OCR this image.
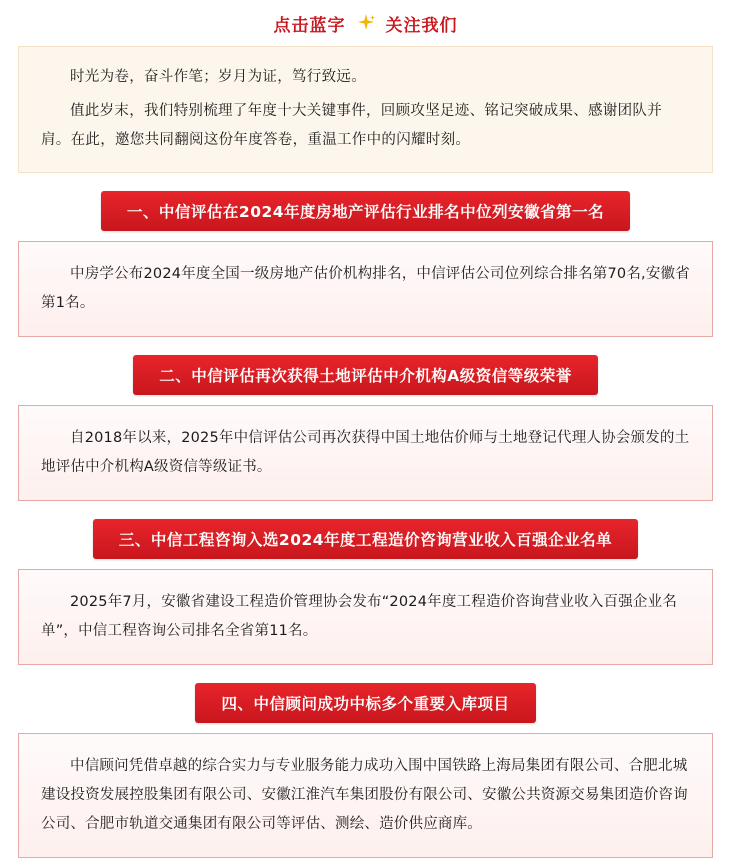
点击蓝字 关注我们

时光为卷，奋斗作笔；岁月为证，笃行致远。

值此岁末，我们特别梳理了年度十大关键事件，回顾攻坚足迹、铭记突破成果、感谢团队并肩。在此，邀您共同翻阅这份年度答卷，重温工作中的闪耀时刻。

一、中信评估在2024年度房地产评估行业排名中位列安徽省第一名

中房学公布2024年度全国一级房地产估价机构排名，中信评估公司位列综合排名第70名,安徽省第1名。

二、中信评估再次获得土地评估中介机构A级资信等级荣誉

自2018年以来，2025年中信评估公司再次获得中国土地估价师与土地登记代理人协会颁发的土地评估中介机构A级资信等级证书。

三、中信工程咨询入选2024年度工程造价咨询营业收入百强企业名单

2025年7月，安徽省建设工程造价管理协会发布“2024年度工程造价咨询营业收入百强企业名单”，中信工程咨询公司排名全省第11名。

四、中信顾问成功中标多个重要入库项目

中信顾问凭借卓越的综合实力与专业服务能力成功入围中国铁路上海局集团有限公司、合肥北城建设投资发展控股集团有限公司、安徽江淮汽车集团股份有限公司、安徽公共资源交易集团造价咨询公司、合肥市轨道交通集团有限公司等评估、测绘、造价供应商库。
